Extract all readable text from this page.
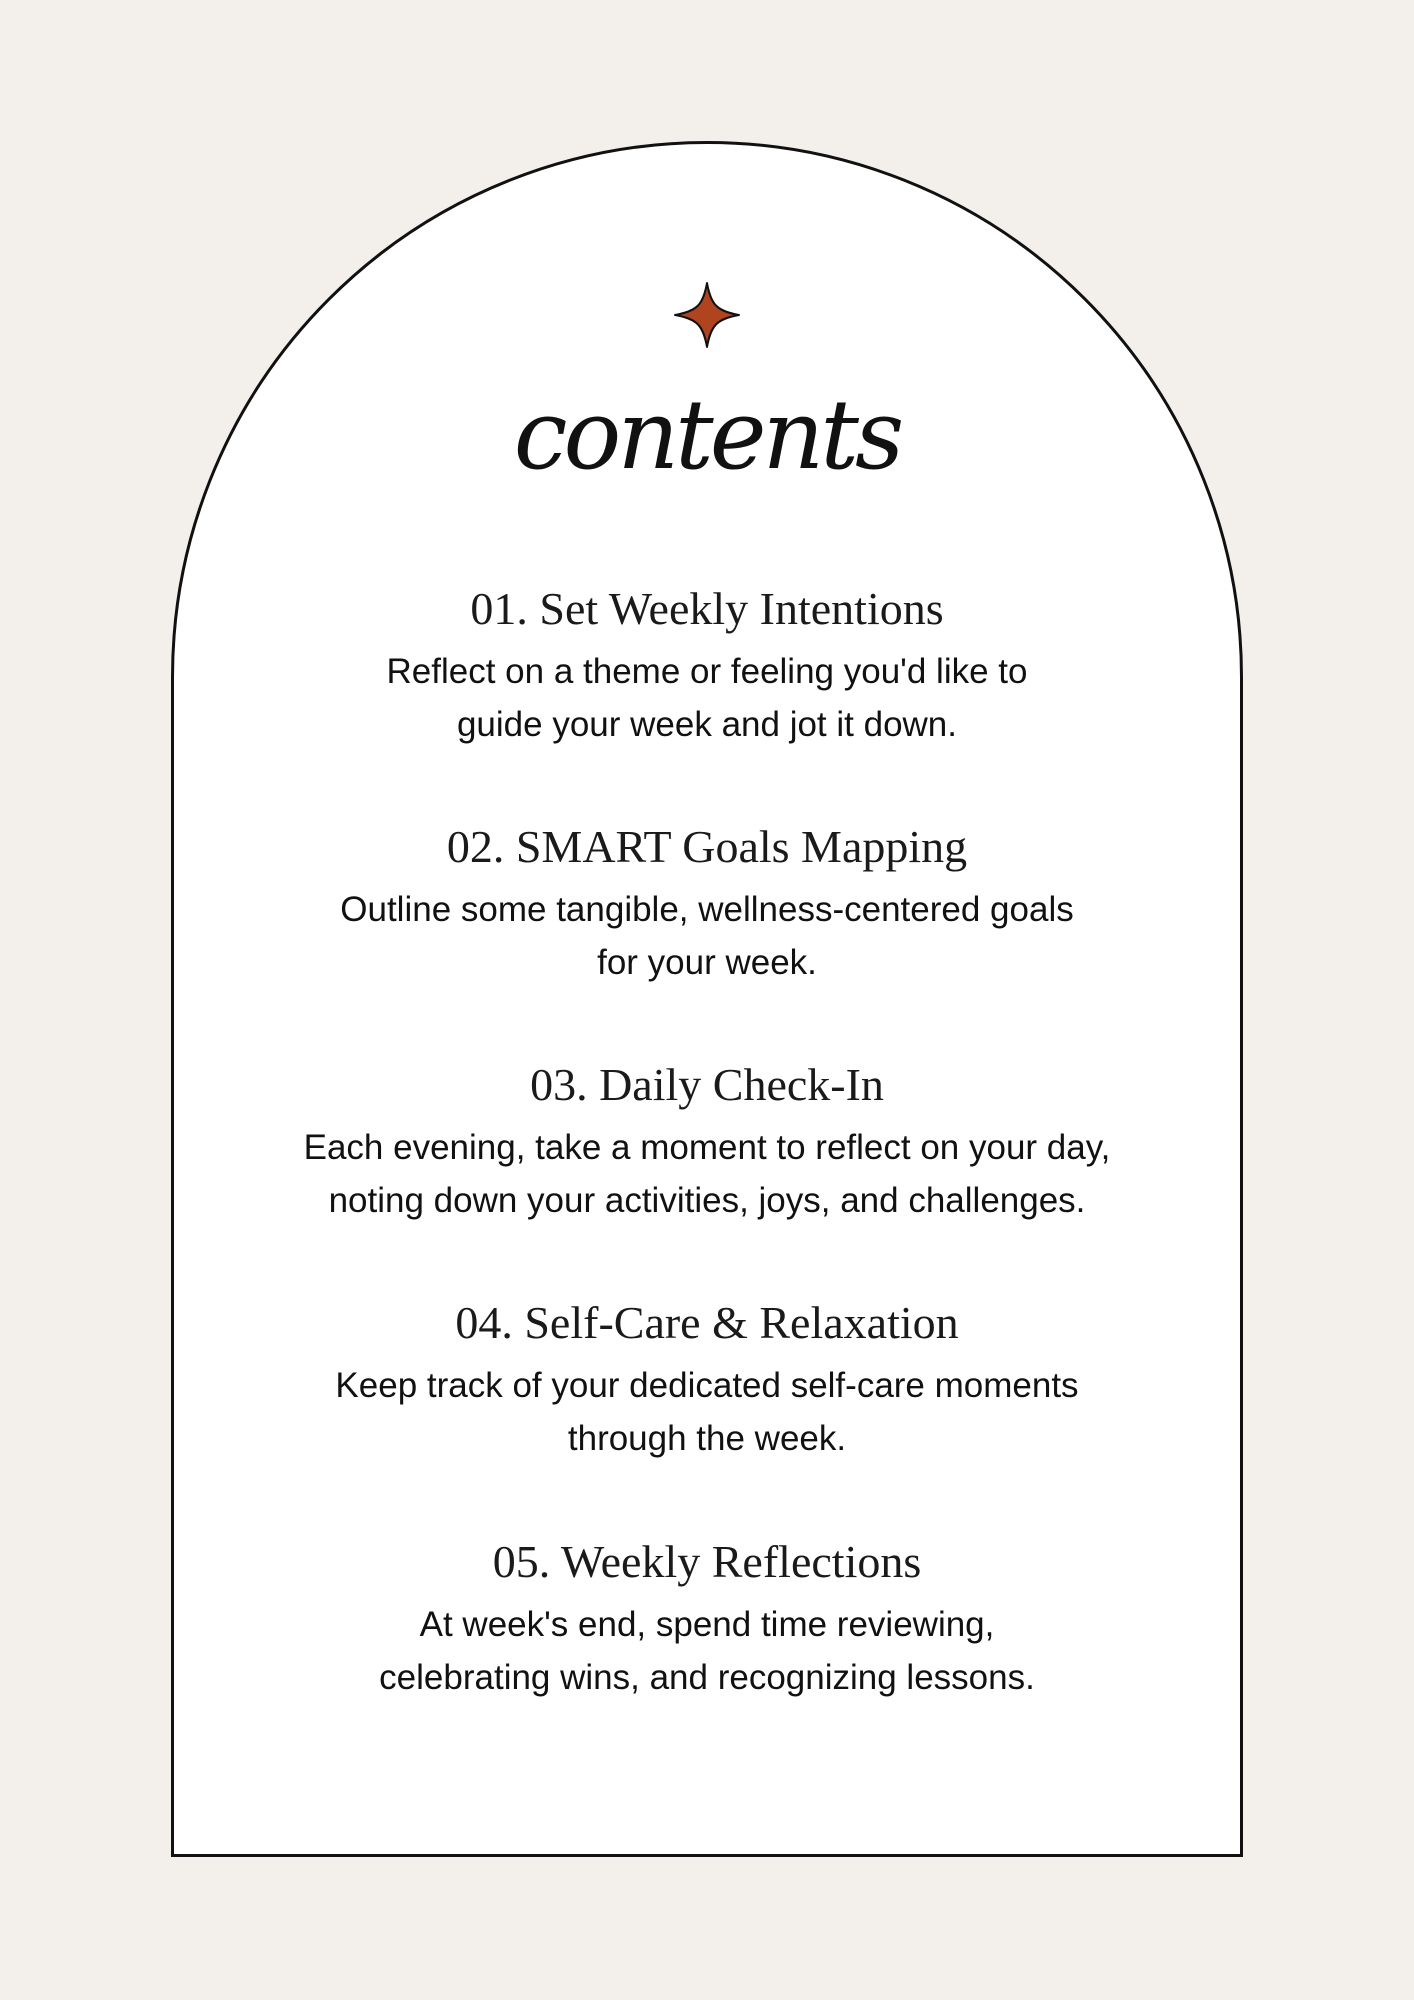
contents
01. Set Weekly Intentions
Reflect on a theme or feeling you'd like to
guide your week and jot it down.
02. SMART Goals Mapping
Outline some tangible, wellness-centered goals
for your week.
03. Daily Check-In
Each evening, take a moment to reflect on your day,
noting down your activities, joys, and challenges.
04. Self-Care & Relaxation
Keep track of your dedicated self-care moments
through the week.
05. Weekly Reflections
At week's end, spend time reviewing,
celebrating wins, and recognizing lessons.
